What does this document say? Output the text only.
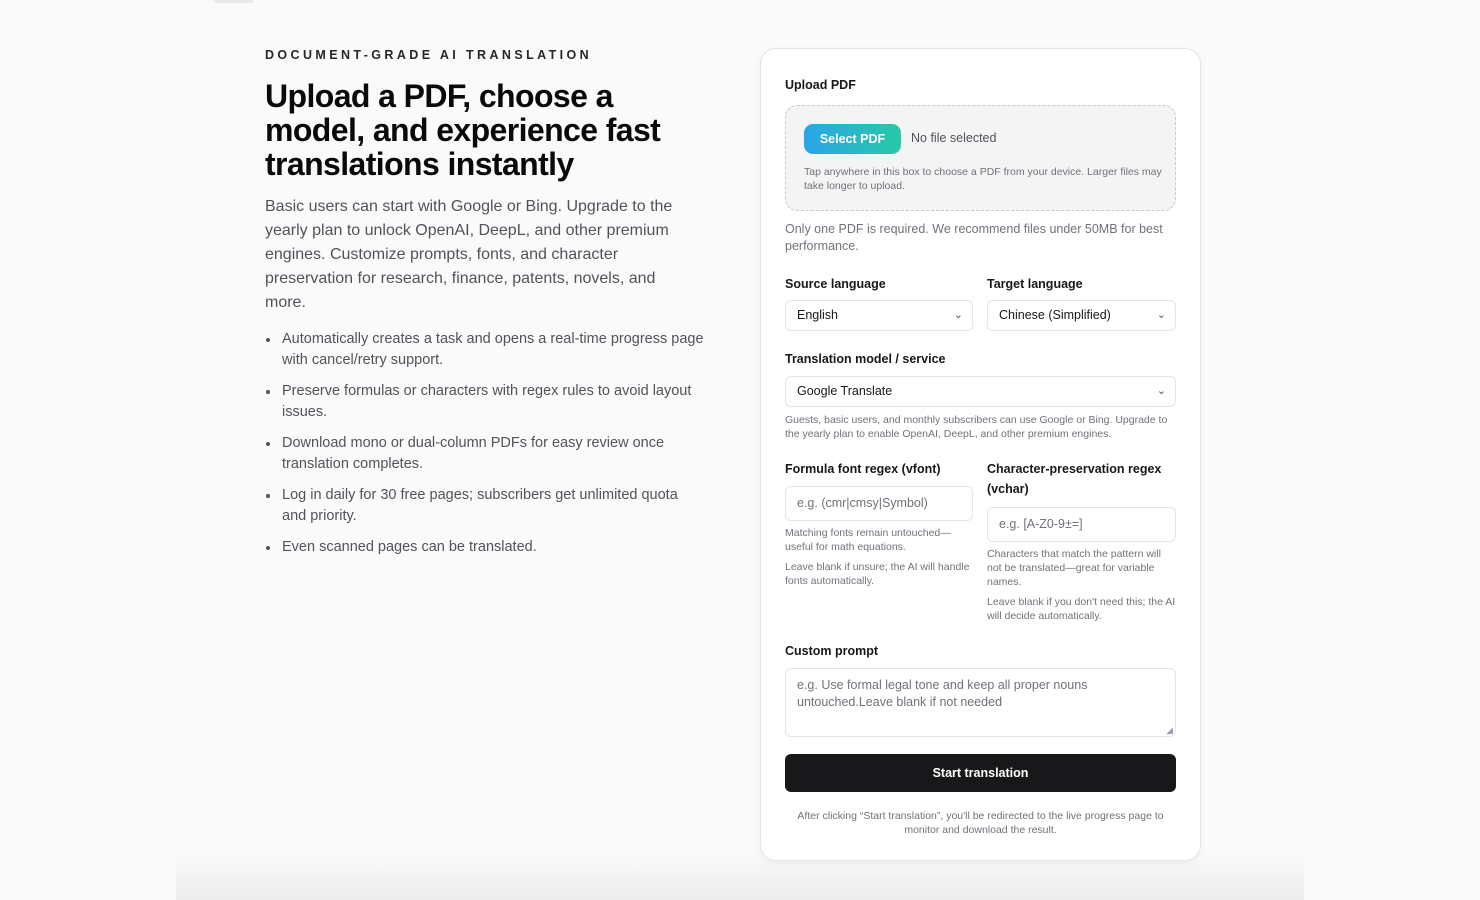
DOCUMENT-GRADE AI TRANSLATION
Upload a PDF, choose a model, and experience fast translations instantly

Basic users can start with Google or Bing. Upgrade to the yearly plan to unlock OpenAI, DeepL, and other premium engines. Customize prompts, fonts, and character preservation for research, finance, patents, novels, and more.

Automatically creates a task and opens a real-time progress page with cancel/retry support.
Preserve formulas or characters with regex rules to avoid layout issues.
Download mono or dual-column PDFs for easy review once translation completes.
Log in daily for 30 free pages; subscribers get unlimited quota and priority.
Even scanned pages can be translated.
Upload PDF
Select PDF	No file selected
Tap anywhere in this box to choose a PDF from your device. Larger files may take longer to upload.
Only one PDF is required. We recommend files under 50MB for best performance.
Source language
English	⌄
Target language
Chinese (Simplified)	⌄
Translation model / service
Google Translate	⌄
Guests, basic users, and monthly subscribers can use Google or Bing. Upgrade to the yearly plan to enable OpenAI, DeepL, and other premium engines.
Formula font regex (vfont)
e.g. (cmr|cmsy|Symbol)
Matching fonts remain untouched—useful for math equations.
Leave blank if unsure; the AI will handle fonts automatically.
Character-preservation regex (vchar)
e.g. [A-Z0-9±=]
Characters that match the pattern will not be translated—great for variable names.
Leave blank if you don't need this; the AI will decide automatically.
Custom prompt
e.g. Use formal legal tone and keep all proper nouns untouched.Leave blank if not needed
◢
Start translation
After clicking “Start translation”, you'll be redirected to the live progress page to monitor and download the result.
